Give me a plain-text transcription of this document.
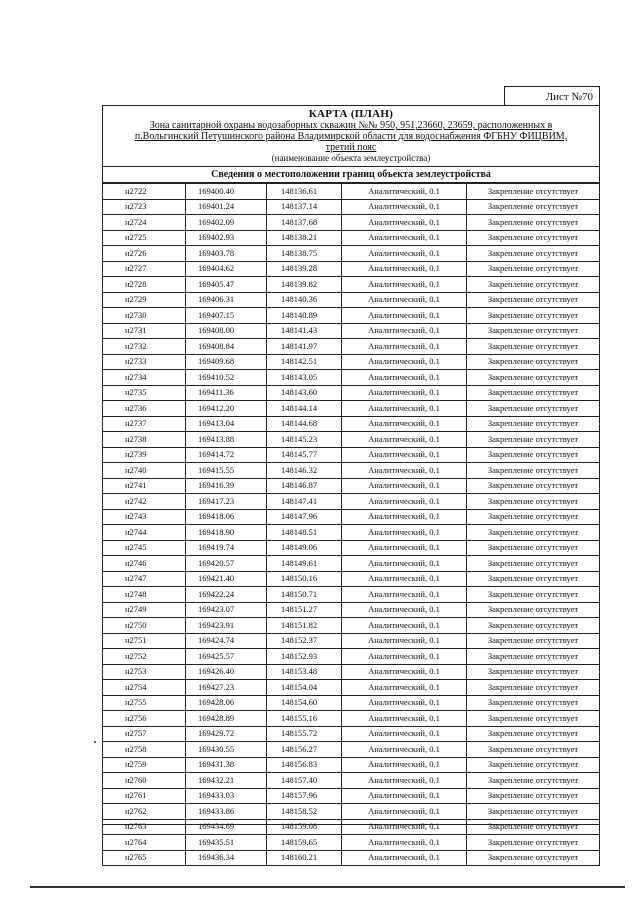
Лист №70
КАРТА (ПЛАН)
Зона санитарной охраны водозаборных скважин №№ 950, 951,23660, 23659, расположенных в
п.Вольгинский Петушинского района Владимирской области для водоснабжения ФГБНУ ФИЦВИМ,
третий пояс
(наименование объекта землеустройства)
Сведения о местоположении границ объекта землеустройства
н2722	169400.40	148136.61	Аналитический, 0.1	Закрепление отсутствует
н2723	169401.24	148137.14	Аналитический, 0.1	Закрепление отсутствует
н2724	169402.09	148137.68	Аналитический, 0.1	Закрепление отсутствует
н2725	169402.93	148138.21	Аналитический, 0.1	Закрепление отсутствует
н2726	169403.78	148138.75	Аналитический, 0.1	Закрепление отсутствует
н2727	169404.62	148139.28	Аналитический, 0.1	Закрепление отсутствует
н2728	169405.47	148139.82	Аналитический, 0.1	Закрепление отсутствует
н2729	169406.31	148140.36	Аналитический, 0.1	Закрепление отсутствует
н2730	169407.15	148140.89	Аналитический, 0.1	Закрепление отсутствует
н2731	169408.00	148141.43	Аналитический, 0.1	Закрепление отсутствует
н2732	169408.84	148141.97	Аналитический, 0.1	Закрепление отсутствует
н2733	169409.68	148142.51	Аналитический, 0.1	Закрепление отсутствует
н2734	169410.52	148143.05	Аналитический, 0.1	Закрепление отсутствует
н2735	169411.36	148143.60	Аналитический, 0.1	Закрепление отсутствует
н2736	169412.20	148144.14	Аналитический, 0.1	Закрепление отсутствует
н2737	169413.04	148144.68	Аналитический, 0.1	Закрепление отсутствует
н2738	169413.88	148145.23	Аналитический, 0.1	Закрепление отсутствует
н2739	169414.72	148145.77	Аналитический, 0.1	Закрепление отсутствует
н2740	169415.55	148146.32	Аналитический, 0.1	Закрепление отсутствует
н2741	169416.39	148146.87	Аналитический, 0.1	Закрепление отсутствует
н2742	169417.23	148147.41	Аналитический, 0.1	Закрепление отсутствует
н2743	169418.06	148147.96	Аналитический, 0.1	Закрепление отсутствует
н2744	169418.90	148148.51	Аналитический, 0.1	Закрепление отсутствует
н2745	169419.74	148149.06	Аналитический, 0.1	Закрепление отсутствует
н2746	169420.57	148149.61	Аналитический, 0.1	Закрепление отсутствует
н2747	169421.40	148150.16	Аналитический, 0.1	Закрепление отсутствует
н2748	169422.24	148150.71	Аналитический, 0.1	Закрепление отсутствует
н2749	169423.07	148151.27	Аналитический, 0.1	Закрепление отсутствует
н2750	169423.91	148151.82	Аналитический, 0.1	Закрепление отсутствует
н2751	169424.74	148152.37	Аналитический, 0.1	Закрепление отсутствует
н2752	169425.57	148152.93	Аналитический, 0.1	Закрепление отсутствует
н2753	169426.40	148153.48	Аналитический, 0.1	Закрепление отсутствует
н2754	169427.23	148154.04	Аналитический, 0.1	Закрепление отсутствует
н2755	169428.06	148154.60	Аналитический, 0.1	Закрепление отсутствует
н2756	169428.89	148155.16	Аналитический, 0.1	Закрепление отсутствует
н2757	169429.72	148155.72	Аналитический, 0.1	Закрепление отсутствует
н2758	169430.55	148156.27	Аналитический, 0.1	Закрепление отсутствует
н2759	169431.38	148156.83	Аналитический, 0.1	Закрепление отсутствует
н2760	169432.21	148157.40	Аналитический, 0.1	Закрепление отсутствует
н2761	169433.03	148157.96	Аналитический, 0.1	Закрепление отсутствует
н2762	169433.86	148158.52	Аналитический, 0.1	Закрепление отсутствует
н2763	169434.69	148159.08	Аналитический, 0.1	Закрепление отсутствует
н2764	169435.51	148159.65	Аналитический, 0.1	Закрепление отсутствует
н2765	169436.34	148160.21	Аналитический, 0.1	Закрепление отсутствует
